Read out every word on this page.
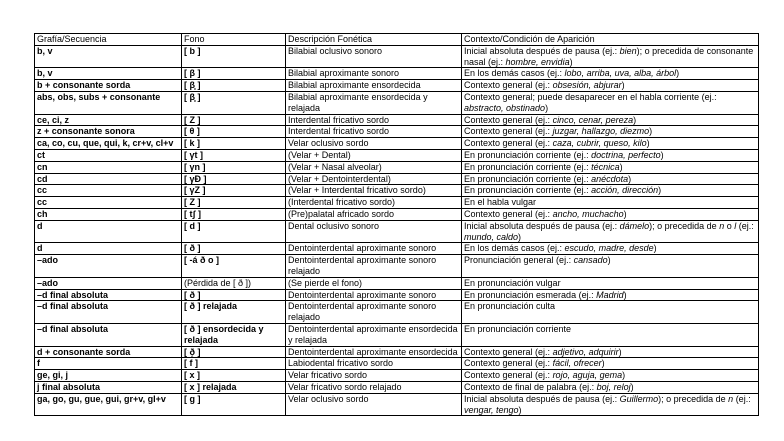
Grafía/Secuencia	Fono	Descripción Fonética	Contexto/Condición de Aparición
b, v	[ b ]	Bilabial oclusivo sonoro	Inicial absoluta después de pausa (ej.: bien); o precedida de consonante nasal (ej.: hombre, envidia)
b, v	[ β ]	Bilabial aproximante sonoro	En los demás casos (ej.: lobo, arriba, uva, alba, árbol)
b + consonante sorda	[ β̥ ]	Bilabial aproximante ensordecida	Contexto general (ej.: obsesión, abjurar)
abs, obs, subs + consonante	[ β̥ ]	Bilabial aproximante ensordecida y relajada	Contexto general; puede desaparecer en el habla corriente (ej.: abstracto, obstinado)
ce, ci, z	[ Z ]	Interdental fricativo sordo	Contexto general (ej.: cinco, cenar, pereza)
z + consonante sonora	[ θ ]	Interdental fricativo sordo	Contexto general (ej.: juzgar, hallazgo, diezmo)
ca, co, cu, que, qui, k, cr+v, cl+v	[ k ]	Velar oclusivo sordo	Contexto general (ej.: caza, cubrir, queso, kilo)
ct	[ γt ]	(Velar + Dental)	En pronunciación corriente (ej.: doctrina, perfecto)
cn	[ γn ]	(Velar + Nasal alveolar)	En pronunciación corriente (ej.: técnica)
cd	[ γÐ ]	(Velar + Dentointerdental)	En pronunciación corriente (ej.: anécdota)
cc	[ γZ ]	(Velar + Interdental fricativo sordo)	En pronunciación corriente (ej.: acción, dirección)
cc	[ Z ]	(Interdental fricativo sordo)	En el habla vulgar
ch	[ tʃ ]	(Pre)palatal africado sordo	Contexto general (ej.: ancho, muchacho)
d	[ d ]	Dental oclusivo sonoro	Inicial absoluta después de pausa (ej.: dámelo); o precedida de n o l (ej.: mundo, caldo)
d	[ ð ]	Dentointerdental aproximante sonoro	En los demás casos (ej.: escudo, madre, desde)
–ado	[ -á ð o ]	Dentointerdental aproximante sonoro relajado	Pronunciación general (ej.: cansado)
–ado	(Pérdida de [ ð ])	(Se pierde el fono)	En pronunciación vulgar
–d final absoluta	[ ð ]	Dentointerdental aproximante sonoro	En pronunciación esmerada (ej.: Madrid)
–d final absoluta	[ ð ] relajada	Dentointerdental aproximante sonoro relajado	En pronunciación culta
–d final absoluta	[ ð ] ensordecida y relajada	Dentointerdental aproximante ensordecida y relajada	En pronunciación corriente
d + consonante sorda	[ ð̥ ]	Dentointerdental aproximante ensordecida	Contexto general (ej.: adjetivo, adquirir)
f	[ f ]	Labiodental fricativo sordo	Contexto general (ej.: fácil, ofrecer)
ge, gi, j	[ x ]	Velar fricativo sordo	Contexto general (ej.: rojo, aguja, gema)
j final absoluta	[ x ] relajada	Velar fricativo sordo relajado	Contexto de final de palabra (ej.: boj, reloj)
ga, go, gu, gue, gui, gr+v, gl+v	[ g ]	Velar oclusivo sordo	Inicial absoluta después de pausa (ej.: Guillermo); o precedida de n (ej.: vengar, tengo)
